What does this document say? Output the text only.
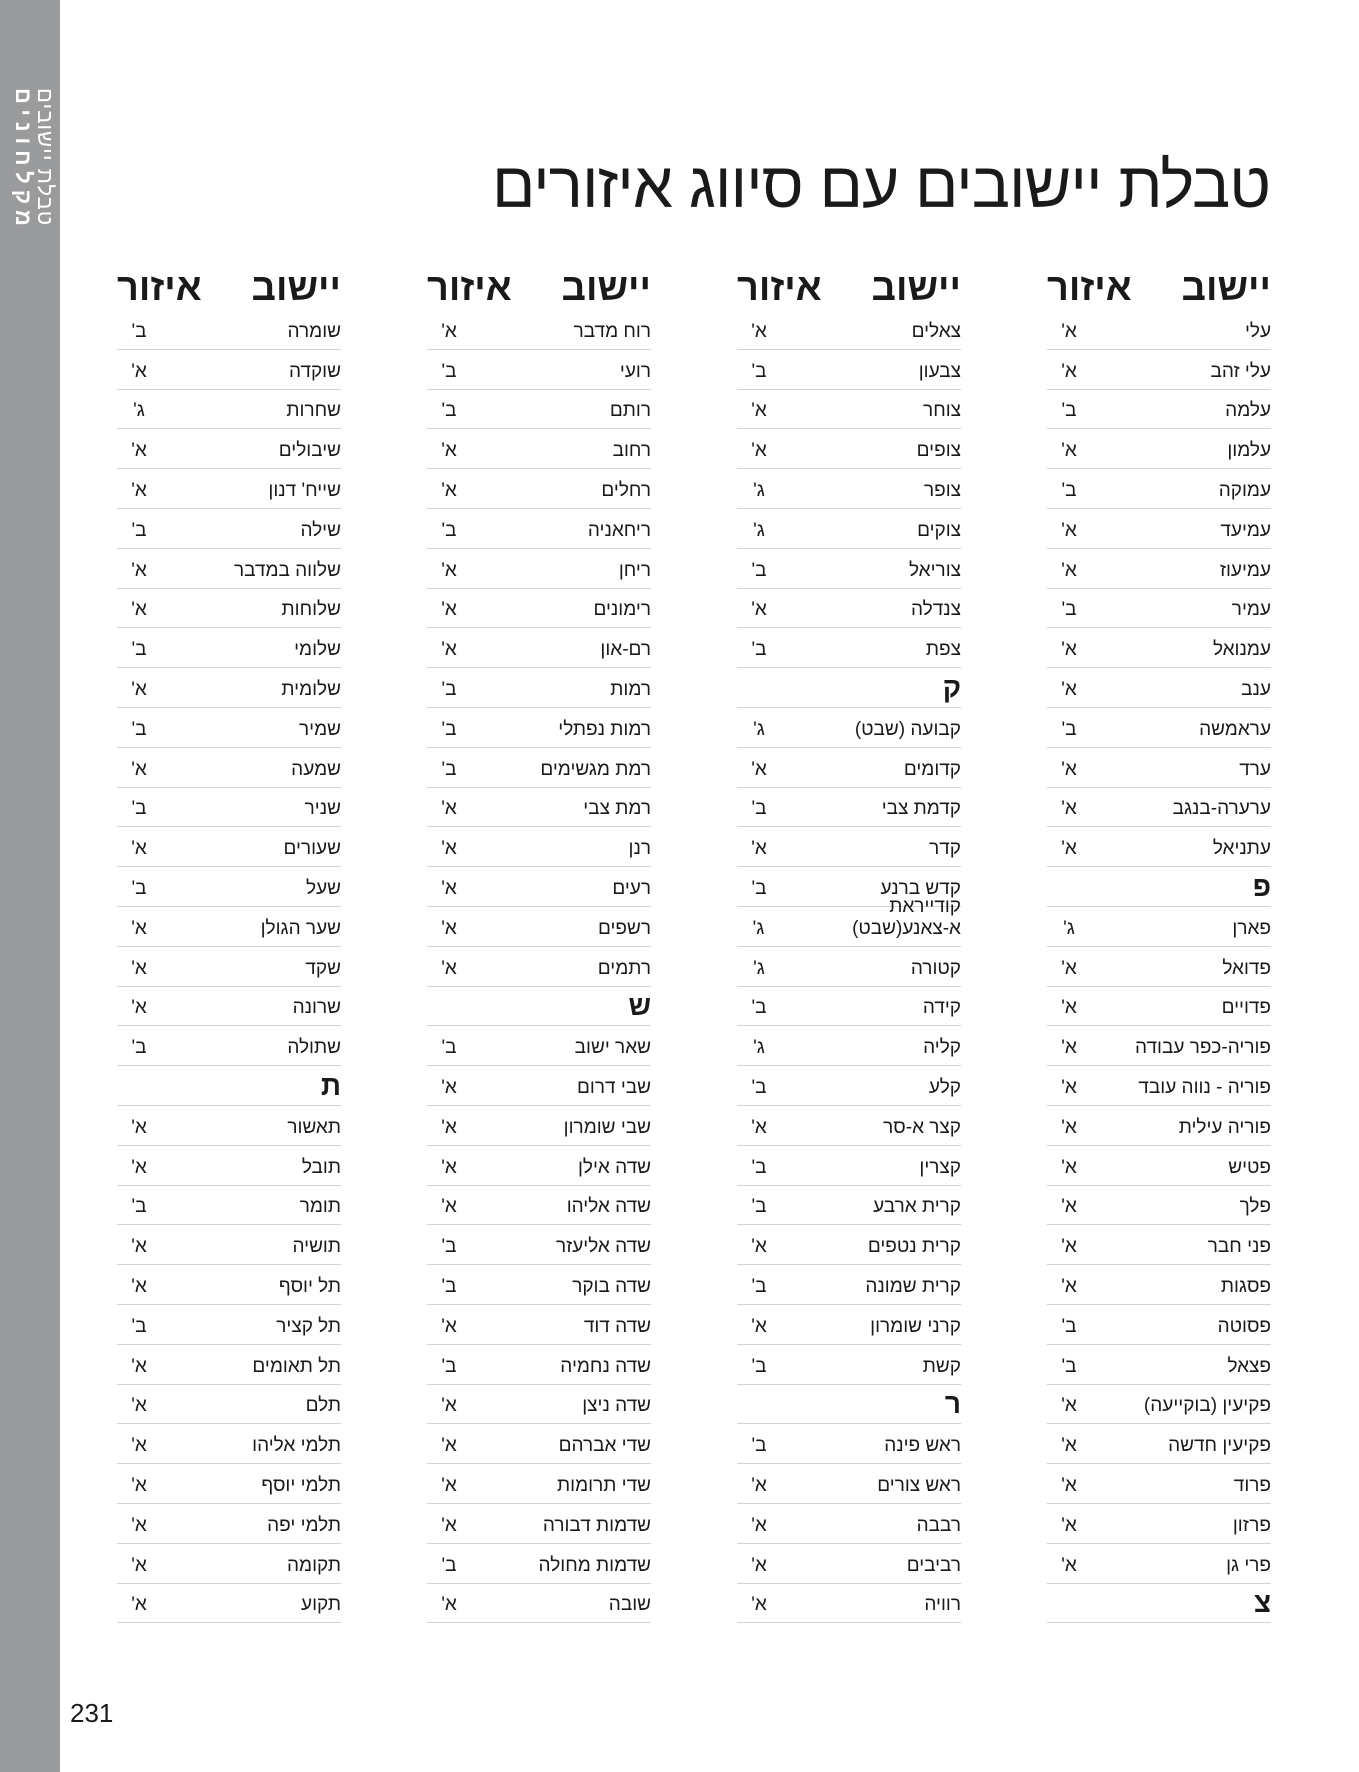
מקלחונים
טבלת יישובים	טבלת יישובים עם סיווג איזורים
יישוב
איזור
עלי
א'
עלי זהב
א'
עלמה
ב'
עלמון
א'
עמוקה
ב'
עמיעד
א'
עמיעוז
א'
עמיר
ב'
עמנואל
א'
ענב
א'
עראמשה
ב'
ערד
א'
ערערה-בנגב
א'
עתניאל
א'
פ
פארן
ג'
פדואל
א'
פדויים
א'
פוריה-כפר עבודה
א'
פוריה - נווה עובד
א'
פוריה עילית
א'
פטיש
א'
פלך
א'
פני חבר
א'
פסגות
א'
פסוטה
ב'
פצאל
ב'
פקיעין (בוקייעה)
א'
פקיעין חדשה
א'
פרוד
א'
פרזון
א'
פרי גן
א'
צ
יישוב
איזור
צאלים
א'
צבעון
ב'
צוחר
א'
צופים
א'
צופר
ג'
צוקים
ג'
צוריאל
ב'
צנדלה
א'
צפת
ב'
ק
קבועה (שבט)
ג'
קדומים
א'
קדמת צבי
ב'
קדר
א'
קדש ברנע
ב'
קודייראת א-צאנע(שבט)
ג'
קטורה
ג'
קידה
ב'
קליה
ג'
קלע
ב'
קצר א-סר
א'
קצרין
ב'
קרית ארבע
ב'
קרית נטפים
א'
קרית שמונה
ב'
קרני שומרון
א'
קשת
ב'
ר
ראש פינה
ב'
ראש צורים
א'
רבבה
א'
רביבים
א'
רוויה
א'
יישוב
איזור
רוח מדבר
א'
רועי
ב'
רותם
ב'
רחוב
א'
רחלים
א'
ריחאניה
ב'
ריחן
א'
רימונים
א'
רם-און
א'
רמות
ב'
רמות נפתלי
ב'
רמת מגשימים
ב'
רמת צבי
א'
רנן
א'
רעים
א'
רשפים
א'
רתמים
א'
ש
שאר ישוב
ב'
שבי דרום
א'
שבי שומרון
א'
שדה אילן
א'
שדה אליהו
א'
שדה אליעזר
ב'
שדה בוקר
ב'
שדה דוד
א'
שדה נחמיה
ב'
שדה ניצן
א'
שדי אברהם
א'
שדי תרומות
א'
שדמות דבורה
א'
שדמות מחולה
ב'
שובה
א'
יישוב
איזור
שומרה
ב'
שוקדה
א'
שחרות
ג'
שיבולים
א'
שייח' דנון
א'
שילה
ב'
שלווה במדבר
א'
שלוחות
א'
שלומי
ב'
שלומית
א'
שמיר
ב'
שמעה
א'
שניר
ב'
שעורים
א'
שעל
ב'
שער הגולן
א'
שקד
א'
שרונה
א'
שתולה
ב'
ת
תאשור
א'
תובל
א'
תומר
ב'
תושיה
א'
תל יוסף
א'
תל קציר
ב'
תל תאומים
א'
תלם
א'
תלמי אליהו
א'
תלמי יוסף
א'
תלמי יפה
א'
תקומה
א'
תקוע
א'
231
